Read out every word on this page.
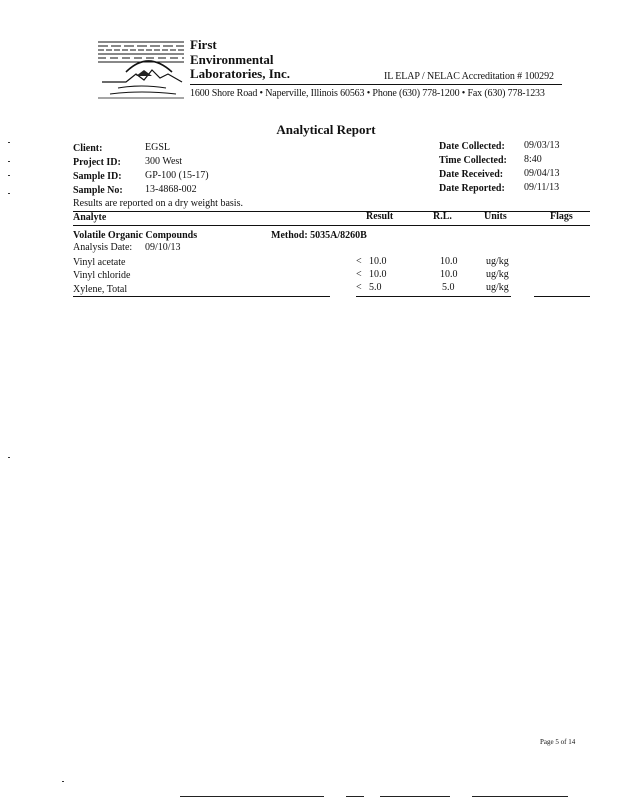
First
Environmental
Laboratories, Inc.	IL ELAP / NELAC Accreditation # 100292
1600 Shore Road • Naperville, Illinois 60563 • Phone (630) 778-1200 • Fax (630) 778-1233
Analytical Report
Client:	EGSL
Project ID: 300 West
Sample ID: GP-100 (15-17)
Sample No: 13-4868-002
Date Collected: 09/03/13
Time Collected: 8:40
Date Received: 09/04/13
Date Reported: 09/11/13
Results are reported on a dry weight basis.
Analyte	Result	R.L.	Units	Flags
Volatile Organic Compounds	Method: 5035A/8260B
Analysis Date: 09/10/13
Vinyl acetate	< 10.0	10.0	ug/kg
Vinyl chloride	< 10.0	10.0	ug/kg
Xylene, Total	< 5.0	5.0	ug/kg
Page 5 of 14
